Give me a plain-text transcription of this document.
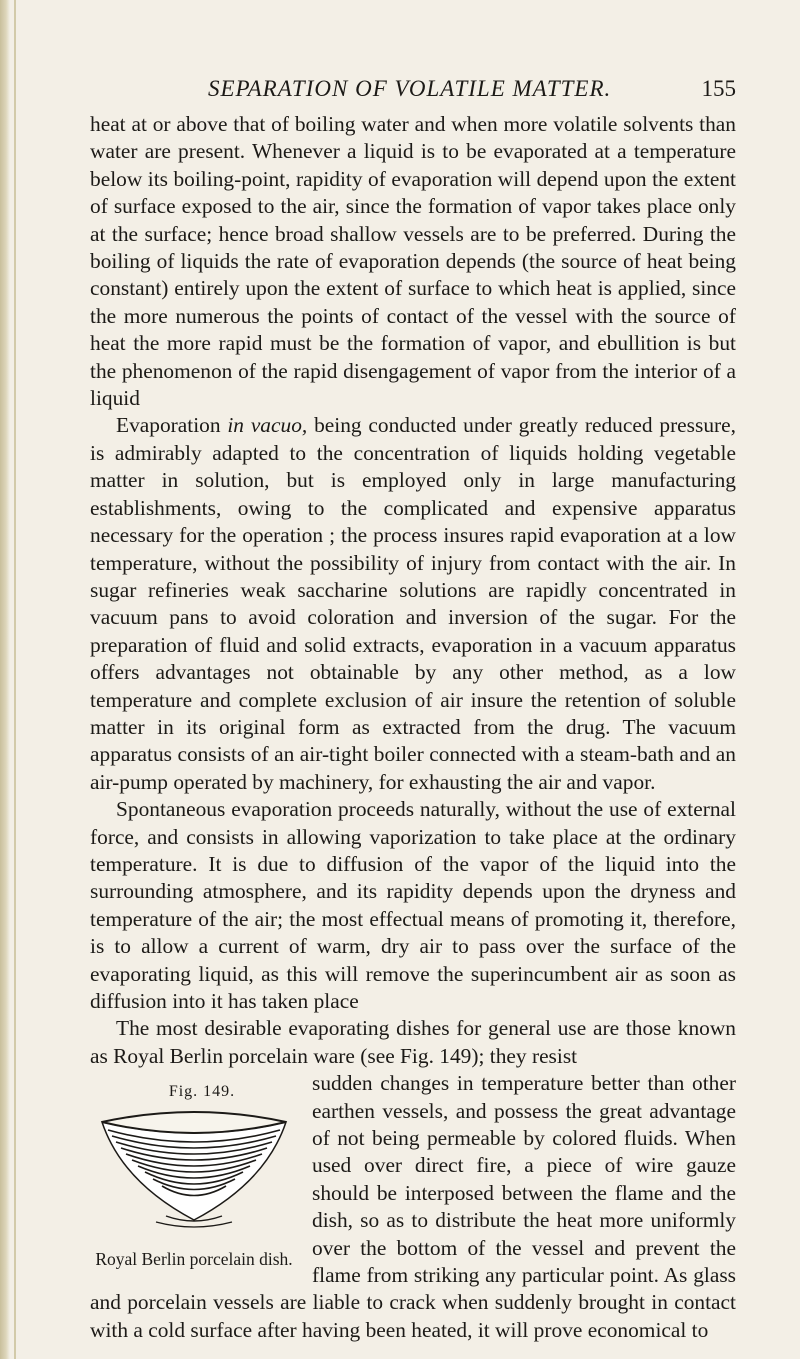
SEPARATION OF VOLATILE MATTER.	155

heat at or above that of boiling water and when more volatile solvents than water are present. Whenever a liquid is to be evaporated at a temperature below its boiling-point, rapidity of evaporation will depend upon the extent of surface exposed to the air, since the formation of vapor takes place only at the surface; hence broad shallow vessels are to be preferred. During the boiling of liquids the rate of evaporation depends (the source of heat being constant) entirely upon the extent of surface to which heat is applied, since the more numerous the points of contact of the vessel with the source of heat the more rapid must be the formation of vapor, and ebullition is but the phenomenon of the rapid disengagement of vapor from the interior of a liquid

Evaporation in vacuo, being conducted under greatly reduced pressure, is admirably adapted to the concentration of liquids holding vegetable matter in solution, but is employed only in large manufacturing establishments, owing to the complicated and expensive apparatus necessary for the operation ; the process insures rapid evaporation at a low temperature, without the possibility of injury from contact with the air. In sugar refineries weak saccharine solutions are rapidly concentrated in vacuum pans to avoid coloration and inversion of the sugar. For the preparation of fluid and solid extracts, evaporation in a vacuum apparatus offers advantages not obtainable by any other method, as a low temperature and complete exclusion of air insure the retention of soluble matter in its original form as extracted from the drug. The vacuum apparatus consists of an air-tight boiler connected with a steam-bath and an air-pump operated by machinery, for exhausting the air and vapor.

Spontaneous evaporation proceeds naturally, without the use of external force, and consists in allowing vaporization to take place at the ordinary temperature. It is due to diffusion of the vapor of the liquid into the surrounding atmosphere, and its rapidity depends upon the dryness and temperature of the air; the most effectual means of promoting it, therefore, is to allow a current of warm, dry air to pass over the surface of the evaporating liquid, as this will remove the superincumbent air as soon as diffusion into it has taken place

The most desirable evaporating dishes for general use are those known as Royal Berlin porcelain ware (see Fig. 149); they resist

Fig. 149.
Royal Berlin porcelain dish.

sudden changes in temperature better than other earthen vessels, and possess the great advantage of not being permeable by colored fluids. When used over direct fire, a piece of wire gauze should be interposed between the flame and the dish, so as to distribute the heat more uniformly over the bottom of the vessel and prevent the flame from striking any particular point. As glass and porcelain vessels are liable to crack when suddenly brought in contact with a cold surface after having been heated, it will prove economical to
